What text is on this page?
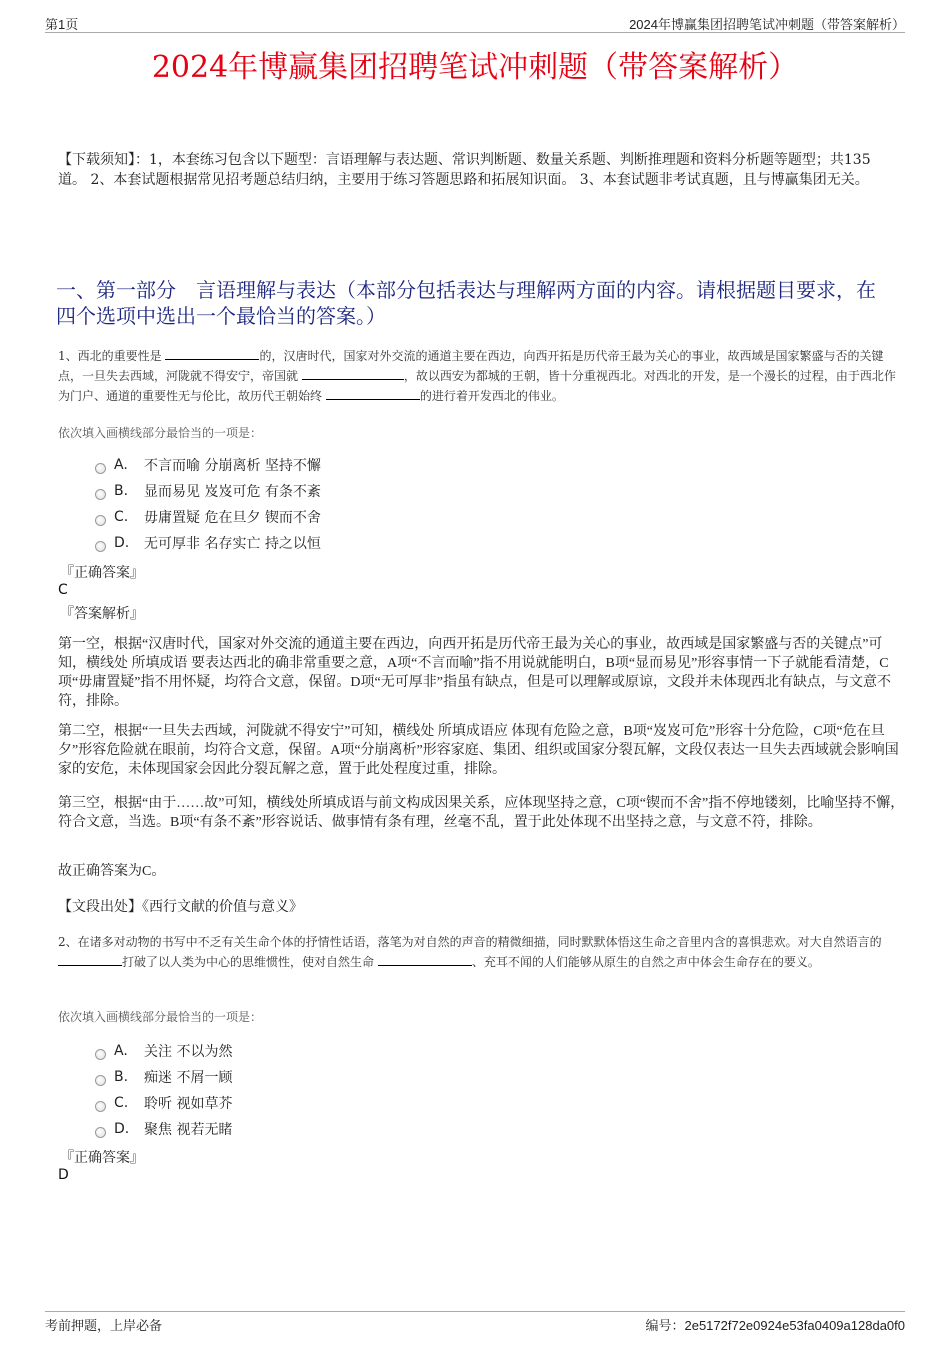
第1页	2024年博赢集团招聘笔试冲刺题（带答案解析）
2024年博赢集团招聘笔试冲刺题（带答案解析）
【下载须知】：1，本套练习包含以下题型：言语理解与表达题、常识判断题、数量关系题、判断推理题和资料分析题等题型；共135道。 2、本套试题根据常见招考题总结归纳，主要用于练习答题思路和拓展知识面。 3、本套试题非考试真题，且与博赢集团无关。
一、第一部分　言语理解与表达（本部分包括表达与理解两方面的内容。请根据题目要求，在四个选项中选出一个最恰当的答案。）
1、西北的重要性是	的，汉唐时代，国家对外交流的通道主要在西边，向西开拓是历代帝王最为关心的事业，故西域是国家繁盛与否的关键点，一旦失去西域，河陇就不得安宁，帝国就	，故以西安为都城的王朝，皆十分重视西北。对西北的开发，是一个漫长的过程，由于西北作为门户、通道的重要性无与伦比，故历代王朝始终	的进行着开发西北的伟业。
依次填入画横线部分最恰当的一项是：
A.	不言而喻 分崩离析 坚持不懈
B.	显而易见 岌岌可危 有条不紊
C.	毋庸置疑 危在旦夕 锲而不舍
D.	无可厚非 名存实亡 持之以恒
『正确答案』
C
『答案解析』
第一空，根据“汉唐时代，国家对外交流的通道主要在西边，向西开拓是历代帝王最为关心的事业，故西域是国家繁盛与否的关键点”可知，横线处 所填成语 要表达西北的确非常重要之意，A项“不言而喻”指不用说就能明白，B项“显而易见”形容事情一下子就能看清楚，C项“毋庸置疑”指不用怀疑，均符合文意，保留。D项“无可厚非”指虽有缺点，但是可以理解或原谅，文段并未体现西北有缺点，与文意不符，排除。
第二空，根据“一旦失去西域，河陇就不得安宁”可知，横线处 所填成语应 体现有危险之意，B项“岌岌可危”形容十分危险，C项“危在旦夕”形容危险就在眼前，均符合文意，保留。A项“分崩离析”形容家庭、集团、组织或国家分裂瓦解，文段仅表达一旦失去西域就会影响国家的安危，未体现国家会因此分裂瓦解之意，置于此处程度过重，排除。
第三空，根据“由于……故”可知，横线处所填成语与前文构成因果关系，应体现坚持之意，C项“锲而不舍”指不停地镂刻，比喻坚持不懈，符合文意，当选。B项“有条不紊”形容说话、做事情有条有理，丝毫不乱，置于此处体现不出坚持之意，与文意不符，排除。
故正确答案为C。
【文段出处】《西行文献的价值与意义》
2、在诸多对动物的书写中不乏有关生命个体的抒情性话语，落笔为对自然的声音的精微细描，同时默默体悟这生命之音里内含的喜惧悲欢。对大自然语言的 打破了以人类为中心的思维惯性，使对自然生命	、充耳不闻的人们能够从原生的自然之声中体会生命存在的要义。
依次填入画横线部分最恰当的一项是：
A.	关注 不以为然
B.	痴迷 不屑一顾
C.	聆听 视如草芥
D.	聚焦 视若无睹
『正确答案』
D
考前押题，上岸必备	编号：2e5172f72e0924e53fa0409a128da0f0
